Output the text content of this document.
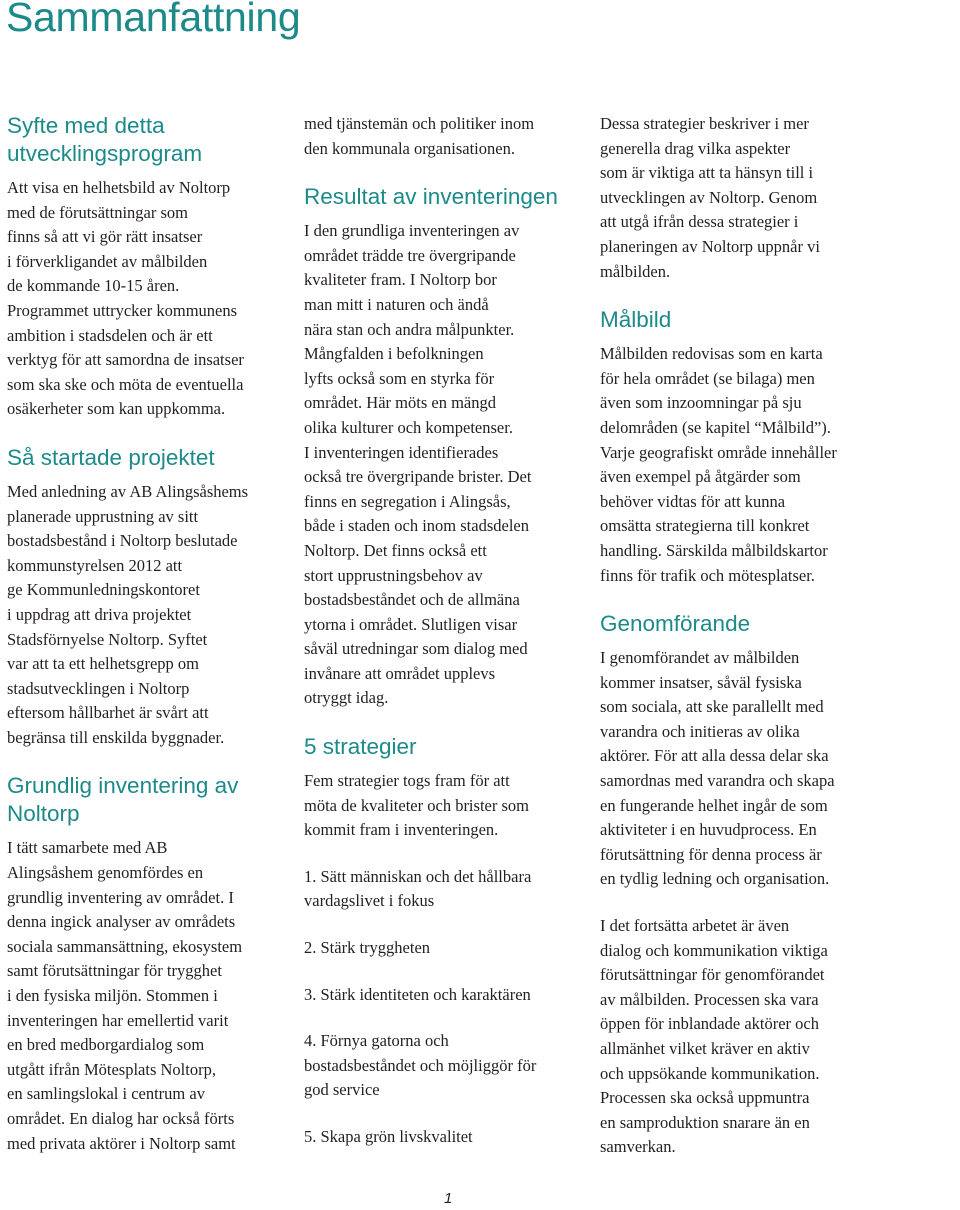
Sammanfattning
Syfte med detta
utvecklingsprogram

Att visa en helhetsbild av Noltorp
med de förutsättningar som
finns så att vi gör rätt insatser
i förverkligandet av målbilden
de kommande 10-15 åren.
Programmet uttrycker kommunens
ambition i stadsdelen och är ett
verktyg för att samordna de insatser
som ska ske och möta de eventuella
osäkerheter som kan uppkomma.

Så startade projektet

Med anledning av AB Alingsåshems
planerade upprustning av sitt
bostadsbestånd i Noltorp beslutade
kommunstyrelsen 2012 att
ge Kommunledningskontoret
i uppdrag att driva projektet
Stadsförnyelse Noltorp. Syftet
var att ta ett helhetsgrepp om
stadsutvecklingen i Noltorp
eftersom hållbarhet är svårt att
begränsa till enskilda byggnader.

Grundlig inventering av
Noltorp

I tätt samarbete med AB
Alingsåshem genomfördes en
grundlig inventering av området. I
denna ingick analyser av områdets
sociala sammansättning, ekosystem
samt förutsättningar för trygghet
i den fysiska miljön. Stommen i
inventeringen har emellertid varit
en bred medborgardialog som
utgått ifrån Mötesplats Noltorp,
en samlingslokal i centrum av
området. En dialog har också förts
med privata aktörer i Noltorp samt

med tjänstemän och politiker inom
den kommunala organisationen.

Resultat av inventeringen

I den grundliga inventeringen av
området trädde tre övergripande
kvaliteter fram. I Noltorp bor
man mitt i naturen och ändå
nära stan och andra målpunkter.
Mångfalden i befolkningen
lyfts också som en styrka för
området. Här möts en mängd
olika kulturer och kompetenser.
I inventeringen identifierades
också tre övergripande brister. Det
finns en segregation i Alingsås,
både i staden och inom stadsdelen
Noltorp. Det finns också ett
stort upprustningsbehov av
bostadsbeståndet och de allmäna
ytorna i området. Slutligen visar
såväl utredningar som dialog med
invånare att området upplevs
otryggt idag.

5 strategier

Fem strategier togs fram för att
möta de kvaliteter och brister som
kommit fram i inventeringen.

1. Sätt människan och det hållbara
vardagslivet i fokus

2. Stärk tryggheten

3. Stärk identiteten och karaktären

4. Förnya gatorna och
bostadsbeståndet och möjliggör för
god service

5. Skapa grön livskvalitet

Dessa strategier beskriver i mer
generella drag vilka aspekter
som är viktiga att ta hänsyn till i
utvecklingen av Noltorp. Genom
att utgå ifrån dessa strategier i
planeringen av Noltorp uppnår vi
målbilden.

Målbild

Målbilden redovisas som en karta
för hela området (se bilaga) men
även som inzoomningar på sju
delområden (se kapitel “Målbild”).
Varje geografiskt område innehåller
även exempel på åtgärder som
behöver vidtas för att kunna
omsätta strategierna till konkret
handling. Särskilda målbildskartor
finns för trafik och mötesplatser.

Genomförande

I genomförandet av målbilden
kommer insatser, såväl fysiska
som sociala, att ske parallellt med
varandra och initieras av olika
aktörer. För att alla dessa delar ska
samordnas med varandra och skapa
en fungerande helhet ingår de som
aktiviteter i en huvudprocess. En
förutsättning för denna process är
en tydlig ledning och organisation.

I det fortsätta arbetet är även
dialog och kommunikation viktiga
förutsättningar för genomförandet
av målbilden. Processen ska vara
öppen för inblandade aktörer och
allmänhet vilket kräver en aktiv
och uppsökande kommunikation.
Processen ska också uppmuntra
en samproduktion snarare än en
samverkan.

1
